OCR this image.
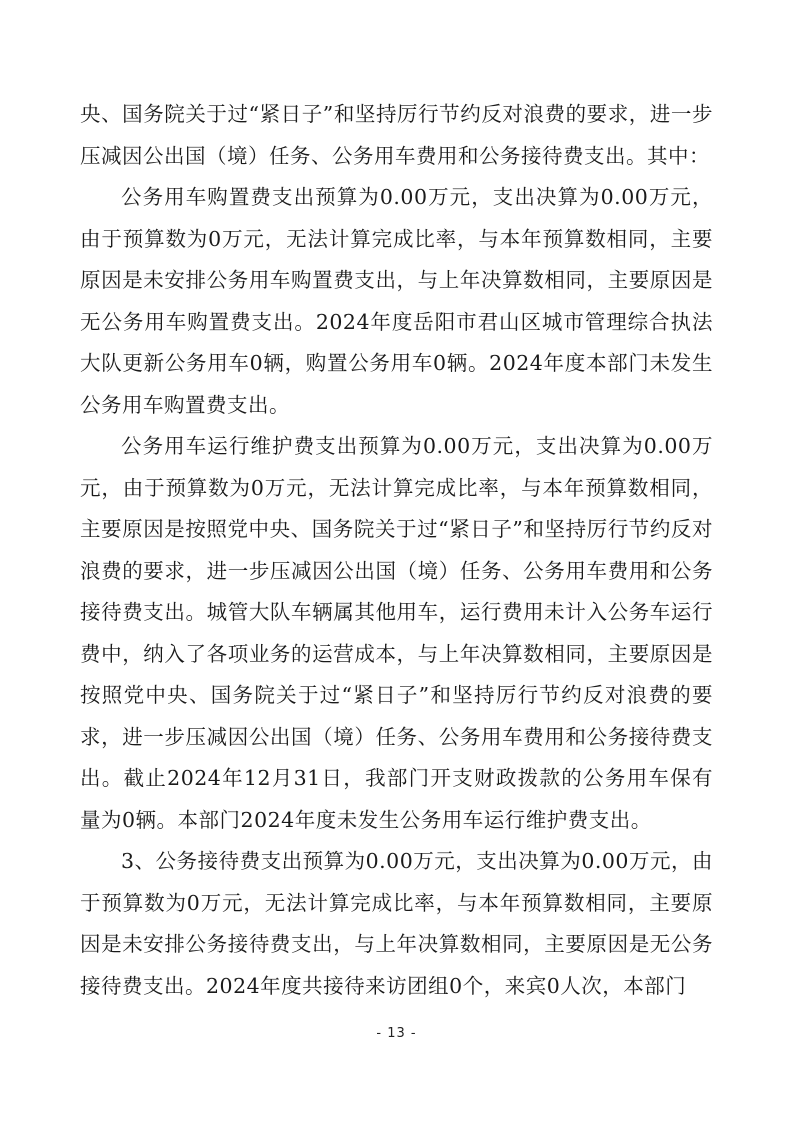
央、国务院关于过“紧日子”和坚持厉行节约反对浪费的要求，进一步压减因公出国（境）任务、公务用车费用和公务接待费支出。其中：

公务用车购置费支出预算为0.00万元，支出决算为0.00万元，由于预算数为0万元，无法计算完成比率，与本年预算数相同，主要原因是未安排公务用车购置费支出，与上年决算数相同，主要原因是无公务用车购置费支出。2024年度岳阳市君山区城市管理综合执法大队更新公务用车0辆，购置公务用车0辆。2024年度本部门未发生公务用车购置费支出。

公务用车运行维护费支出预算为0.00万元，支出决算为0.00万元，由于预算数为0万元，无法计算完成比率，与本年预算数相同，主要原因是按照党中央、国务院关于过“紧日子”和坚持厉行节约反对浪费的要求，进一步压减因公出国（境）任务、公务用车费用和公务接待费支出。城管大队车辆属其他用车，运行费用未计入公务车运行费中，纳入了各项业务的运营成本，与上年决算数相同，主要原因是按照党中央、国务院关于过“紧日子”和坚持厉行节约反对浪费的要求，进一步压减因公出国（境）任务、公务用车费用和公务接待费支出。截止2024年12月31日，我部门开支财政拨款的公务用车保有量为0辆。本部门2024年度未发生公务用车运行维护费支出。

3、公务接待费支出预算为0.00万元，支出决算为0.00万元，由于预算数为0万元，无法计算完成比率，与本年预算数相同，主要原因是未安排公务接待费支出，与上年决算数相同，主要原因是无公务接待费支出。2024年度共接待来访团组0个，来宾0人次，本部门

- 13 -
